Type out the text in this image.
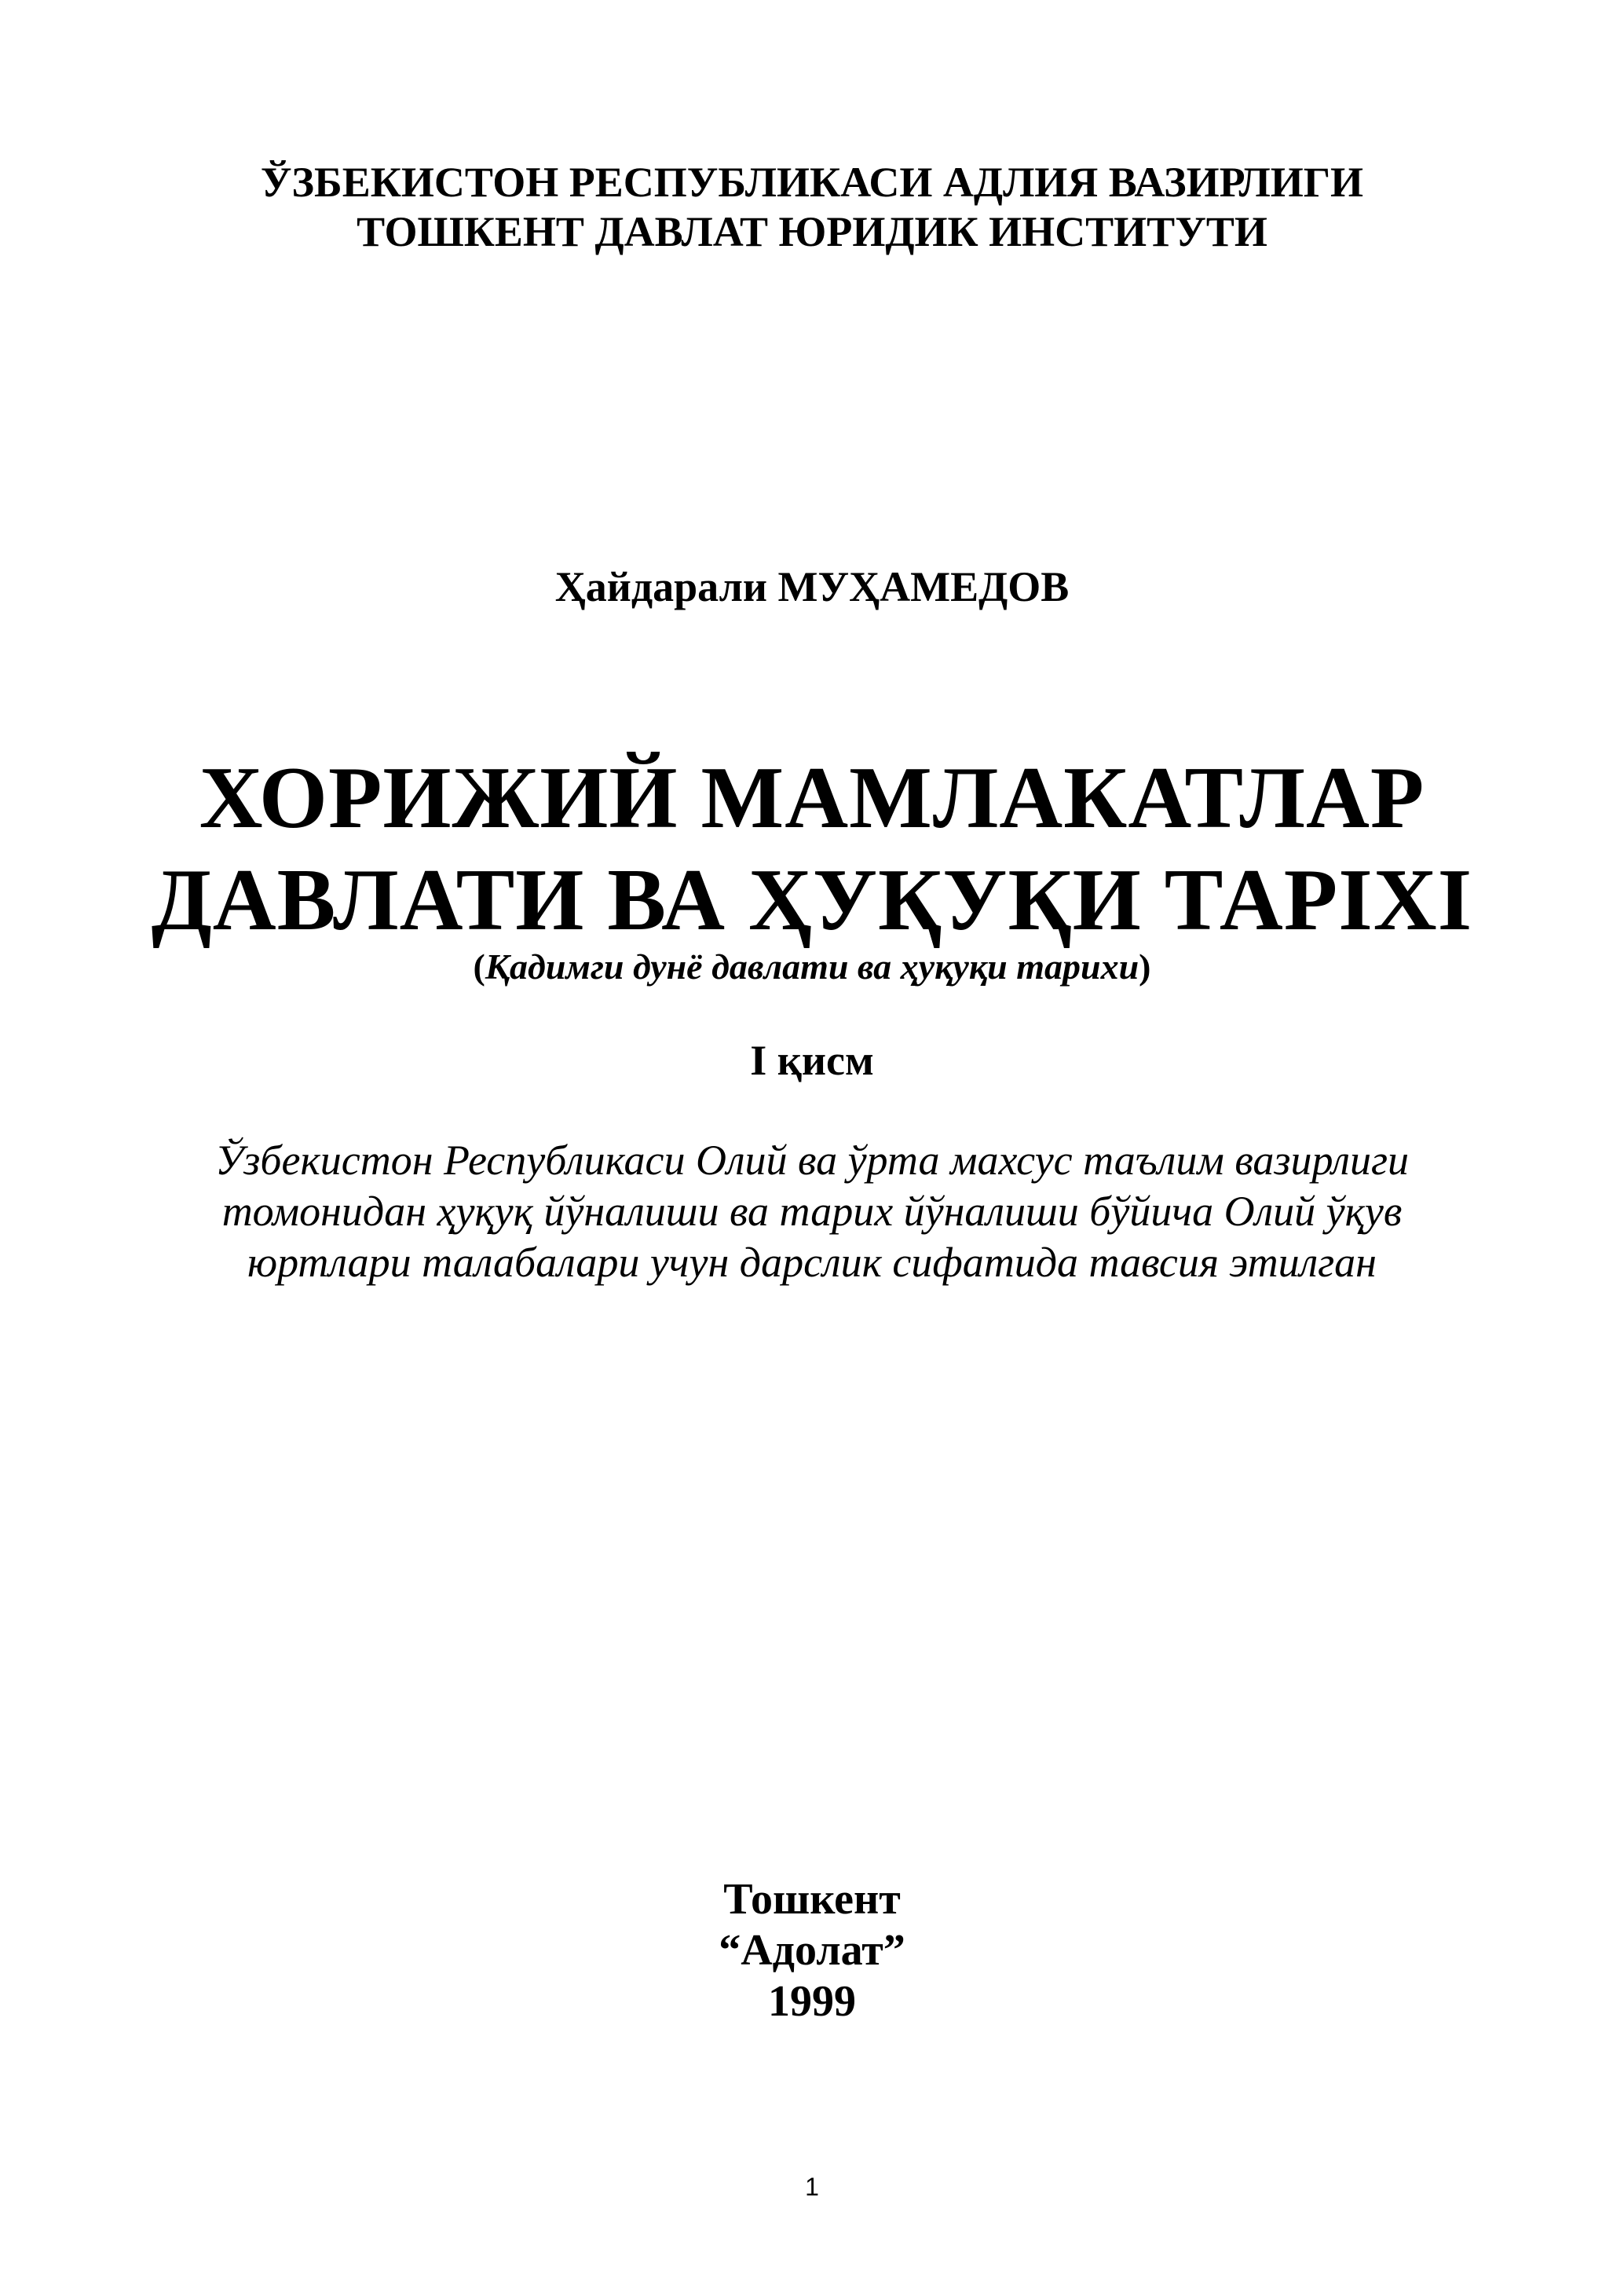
ЎЗБЕКИСТОН РЕСПУБЛИКАСИ АДЛИЯ ВАЗИРЛИГИ
ТОШКЕНТ ДАВЛАТ ЮРИДИК ИНСТИТУТИ
Ҳайдарали МУҲАМЕДОВ
ХОРИЖИЙ МАМЛАКАТЛАР
ДАВЛАТИ ВА ҲУҚУҚИ ТАРІХІ
(Қадимги дунё давлати ва ҳуқуқи тарихи)
I қисм
Ўзбекистон Республикаси Олий ва ўрта махсус таълим вазирлиги
томонидан ҳуқуқ йўналиши ва тарих йўналиши бўйича Олий ўқув
юртлари талабалари учун дарслик сифатида тавсия этилган
Тошкент
“Адолат”
1999
1
